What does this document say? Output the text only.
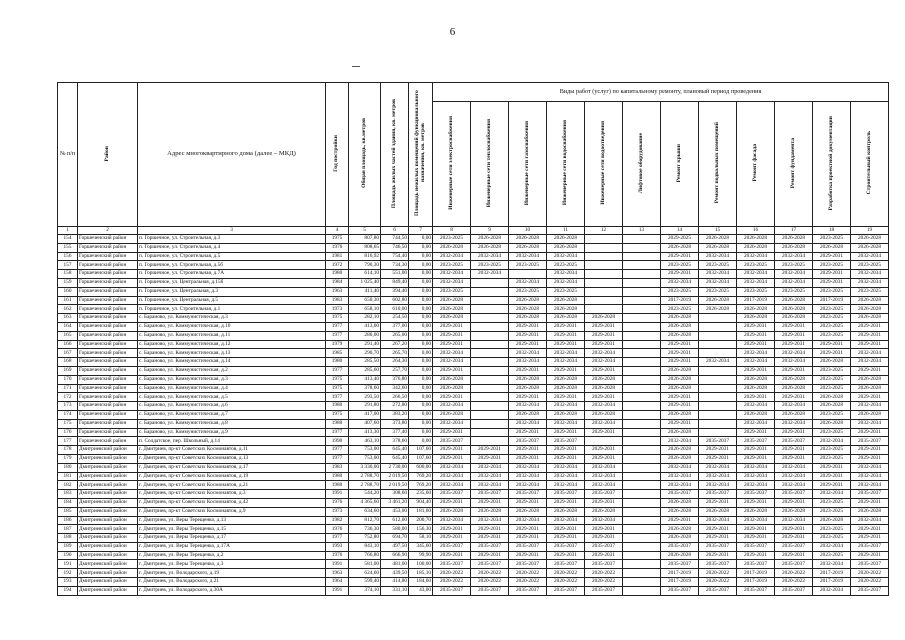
6
№ п/п	Район	Адрес многоквартирного дома (далее – МКД)	Год постройки	Общая площадь, кв.метров	Площадь жилых частей здания, кв. метров	Площадь нежилых помещений функционального назначения, кв. метров	Виды работ (услуг) по капитальному ремонту, плановый период проведения											
							Инженерные сети электроснабжения	Инженерные сети теплоснабжения	Инженерные сети газоснабжения	Инженерные сети водоснабжения	Инженерные сети водоотведения	Лифтовое оборудование	Ремонт крыши	Ремонт подвальных помещений	Ремонт фасада	Ремонт фундамента	Разработка проектной документации	Строительный контроль
1	2	3	4	5	6	7	8	9	10	11	12	13	14	15	16	17	18	19
154	Горшеченский район	п. Горшечное, ул. Строительная, д.3	1975	807,80	744,50	0,00	2023-2025	2026-2028	2026-2028	2026-2028			2029-2025	2026-2028	2026-2028	2026-2028	2023-2025	2026-2028
155	Горшеченский район	п. Горшечное, ул. Строительная, д.4	1976	808,65	746,50	0,00	2026-2028	2026-2028	2026-2028	2026-2028			2026-2028	2026-2028	2026-2028	2026-2028	2026-2028	2026-2028
156	Горшеченский район	п. Горшечное, ул. Строительная, д.5	1981	816,92	754,40	0,00	2032-2034	2032-2034	2032-2034	2032-2034			2029-2031	2032-2034	2032-2034	2032-2034	2029-2031	2032-2034
157	Горшеченский район	п. Горшечное, ул. Строительная, д.5б	1972	790,30	734,30	0,00	2023-2025	2023-2025	2023-2025	2023-2025			2023-2025	2023-2025	2023-2025	2023-2025	2023-2025	2023-2025
158	Горшеченский район	п. Горшечное, ул. Строительная, д.7А	1980	614,10	551,00	0,00	2032-2034	2032-2034		2032-2034			2029-2031	2032-2034	2032-2034	2032-2034	2029-2031	2032-2034
159	Горшеченский район	п. Горшечное, ул. Центральная, д.15б	1984	1 025,40	849,40	0,00	2032-2034		2032-2034	2032-2034			2032-2034	2032-2034	2032-2034	2032-2034	2029-2031	2032-2034
160	Горшеченский район	п. Горшечное, ул. Центральная, д.3	1963	411,40	394,40	0,00	2023-2025		2023-2025	2023-2025			2023-2025	2023-2025	2023-2025	2023-2025	2023-2025	2023-2025
161	Горшеченский район	п. Горшечное, ул. Центральная, д.5	1983	650,30	602,80	0,00	2026-2028		2026-2028	2026-2028			2017-2019	2026-2028	2017-2019	2026-2028	2017-2019	2026-2028
162	Горшеченский район	п. Горшечное, ул. Строительная, д.1	1973	658,10	610,00	0,00	2026-2028		2026-2028	2026-2028			2023-2025	2026-2028	2026-2028	2026-2028	2023-2025	2026-2028
163	Горшеченский район	с. Бараново, ул. Коммунистическая, д.3	1975	282,10	254,50	0,00	2026-2028		2026-2028	2026-2028	2026-2028		2026-2028		2026-2028	2026-2028	2023-2025	2026-2028
164	Горшеченский район	с. Бараново, ул. Коммунистическая, д.10	1977	413,00	377,00	0,00	2029-2031		2029-2031	2029-2031	2029-2031		2026-2028		2029-2031	2029-2031	2023-2025	2029-2031
165	Горшеченский район	с. Бараново, ул. Коммунистическая, д.11	1977	280,00	265,00	0,00	2029-2031		2029-2031	2029-2031	2029-2031		2026-2028		2029-2031	2029-2031	2023-2025	2029-2031
166	Горшеченский район	с. Бараново, ул. Коммунистическая, д.12	1979	291,40	267,20	0,00	2029-2031		2029-2031	2029-2031	2029-2031		2029-2031		2029-2031	2029-2031	2029-2031	2029-2031
167	Горшеченский район	с. Бараново, ул. Коммунистическая, д.13	1985	290,70	265,70	0,00	2032-2034		2032-2034	2032-2034	2032-2034		2029-2031		2032-2034	2032-2034	2029-2031	2032-2034
168	Горшеченский район	с. Бараново, ул. Коммунистическая, д.14	1980	285,50	264,30	0,00	2032-2034		2032-2034	2032-2034	2032-2034		2029-2031	2032-2034	2032-2034	2032-2034	2026-2028	2032-2034
169	Горшеченский район	с. Бараново, ул. Коммунистическая, д.2	1977	285,60	257,70	0,00	2029-2031		2029-2031	2029-2031	2029-2031		2026-2028		2029-2031	2029-2031	2023-2025	2029-2031
170	Горшеченский район	с. Бараново, ул. Коммунистическая, д.3	1975	413,40	376,80	0,00	2026-2028		2026-2028	2026-2028	2026-2028		2026-2028		2026-2028	2026-2028	2023-2025	2026-2028
171	Горшеченский район	с. Бараново, ул. Коммунистическая, д.4	1975	378,60	342,60	0,00	2026-2028		2026-2028	2026-2028	2026-2028		2026-2028		2026-2028	2026-2028	2023-2025	2026-2028
172	Горшеченский район	с. Бараново, ул. Коммунистическая, д.5	1977	293,50	266,50	0,00	2029-2031		2029-2031	2029-2031	2029-2031		2029-2031		2029-2031	2029-2031	2026-2028	2029-2031
173	Горшеченский район	с. Бараново, ул. Коммунистическая, д.6	1980	291,80	272,80	0,00	2032-2034		2032-2034	2032-2034	2032-2034		2029-2031		2032-2034	2032-2034	2026-2028	2032-2034
174	Горшеченский район	с. Бараново, ул. Коммунистическая, д.7	1975	417,00	383,20	0,00	2026-2028		2026-2028	2026-2028	2026-2028		2026-2028		2026-2028	2026-2028	2023-2025	2026-2028
175	Горшеченский район	с. Бараново, ул. Коммунистическая, д.8	1980	407,60	373,80	0,00	2032-2034		2032-2034	2032-2034	2032-2034		2029-2031		2032-2034	2032-2034	2026-2028	2032-2034
176	Горшеченский район	с. Бараново, ул. Коммунистическая, д.9	1977	413,30	377,40	0,00	2029-2031		2029-2031	2029-2031	2029-2031		2026-2028		2029-2031	2029-2031	2023-2025	2029-2031
177	Горшеченский район	п. Солдатское, пер. Школьный, д.14	1990	463,10	378,60	0,00	2035-2037		2035-2037	2035-2037			2032-2034	2035-2037	2035-2037	2035-2037	2032-2034	2035-2037
178	Дмитриевский район	г. Дмитриев, пр-кт Советских Космонавтов, д.11	1977	753,00	645,40	107,60	2029-2031	2029-2031	2029-2031	2029-2031	2029-2031		2026-2028	2029-2031	2029-2031	2029-2031	2023-2025	2029-2031
179	Дмитриевский район	г. Дмитриев, пр-кт Советских Космонавтов, д.13	1977	753,00	645,40	107,60	2029-2031	2029-2031	2029-2031	2029-2031	2029-2031		2026-2028	2029-2031	2029-2031	2029-2031	2023-2025	2029-2031
180	Дмитриевский район	г. Дмитриев, пр-кт Советских Космонавтов, д.17	1983	3 330,00	2 730,00	600,00	2032-2034	2032-2034	2032-2034	2032-2034	2032-2034		2032-2034	2032-2034	2032-2034	2032-2034	2029-2031	2032-2034
181	Дмитриевский район	г. Дмитриев, пр-кт Советских Космонавтов, д.19	1980	2 788,70	2 019,50	769,20	2032-2034	2032-2034	2032-2034	2032-2034	2032-2034		2032-2034	2032-2034	2032-2034	2032-2034	2029-2031	2032-2034
182	Дмитриевский район	г. Дмитриев, пр-кт Советских Космонавтов, д.21	1980	2 788,70	2 019,50	769,20	2032-2034	2032-2034	2032-2034	2032-2034	2032-2034		2032-2034	2032-2034	2032-2034	2032-2034	2029-2031	2032-2034
183	Дмитриевский район	г. Дмитриев, пр-кт Советских Космонавтов, д.3	1991	544,20	308,60	235,60	2035-2037	2035-2037	2035-2037	2035-2037	2035-2037		2035-2037	2035-2037	2035-2037	2035-2037	2032-2034	2035-2037
184	Дмитриевский район	г. Дмитриев, пр-кт Советских Космонавтов, д.42	1976	4 365,60	3 461,20	904,40	2029-2031	2029-2031	2029-2031	2029-2031	2029-2031		2026-2028	2029-2031	2029-2031	2029-2031	2023-2025	2029-2031
185	Дмитриевский район	г. Дмитриев, пр-кт Советских Космонавтов, д.9	1973	634,60	453,00	181,60	2026-2028	2026-2028	2026-2028	2026-2028	2026-2028		2026-2028	2026-2028	2026-2028	2026-2028	2023-2025	2026-2028
186	Дмитриевский район	г. Дмитриев, ул. Веры Терещенко, д.13	1982	812,70	612,00	200,70	2032-2034	2032-2034	2032-2034	2032-2034	2032-2034		2029-2031	2032-2034	2032-2034	2032-2034	2026-2028	2032-2034
187	Дмитриевский район	г. Дмитриев, ул. Веры Терещенко, д.15	1976	736,30	580,00	156,30	2029-2031	2029-2031	2029-2031	2029-2031	2029-2031		2026-2028	2029-2031	2029-2031	2029-2031	2023-2025	2029-2031
188	Дмитриевский район	г. Дмитриев, ул. Веры Терещенко, д.17	1977	752,80	694,70	58,10	2029-2031	2029-2031	2029-2031	2029-2031	2029-2031		2026-2028	2029-2031	2029-2031	2029-2031	2023-2025	2029-2031
189	Дмитриевский район	г. Дмитриев, ул. Веры Терещенко, д.17А	1993	843,10	497,50	345,60	2035-2037	2035-2037	2035-2037	2035-2037	2035-2037		2035-2037	2035-2037	2035-2037	2035-2037	2032-2034	2035-2037
190	Дмитриевский район	г. Дмитриев, ул. Веры Терещенко, д.2	1976	766,80	666,90	99,90	2029-2031	2029-2031	2029-2031	2029-2031	2029-2031		2026-2028	2029-2031	2029-2031	2029-2031	2023-2025	2029-2031
191	Дмитриевский район	г. Дмитриев, ул. Веры Терещенко, д.3	1991	581,00	481,00	100,00	2035-2037	2035-2037	2035-2037	2035-2037	2035-2037		2035-2037	2035-2037	2035-2037	2035-2037	2032-2034	2035-2037
192	Дмитриевский район	г. Дмитриев, ул. Володарского, д.19	1963	624,60	439,50	185,10	2020-2022	2020-2022	2020-2022	2020-2022	2020-2022		2017-2019	2020-2022	2017-2019	2020-2022	2017-2019	2020-2022
193	Дмитриевский район	г. Дмитриев, ул. Володарского, д.21	1964	599,40	414,80	184,60	2020-2022	2020-2022	2020-2022	2020-2022	2020-2022		2017-2019	2020-2022	2017-2019	2020-2022	2017-2019	2020-2022
194	Дмитриевский район	г. Дмитриев, ул. Володарского, д.30А	1991	374,10	331,10	43,00	2035-2037	2035-2037	2035-2037	2035-2037	2035-2037		2035-2037	2035-2037	2035-2037	2035-2037	2032-2034	2035-2037
